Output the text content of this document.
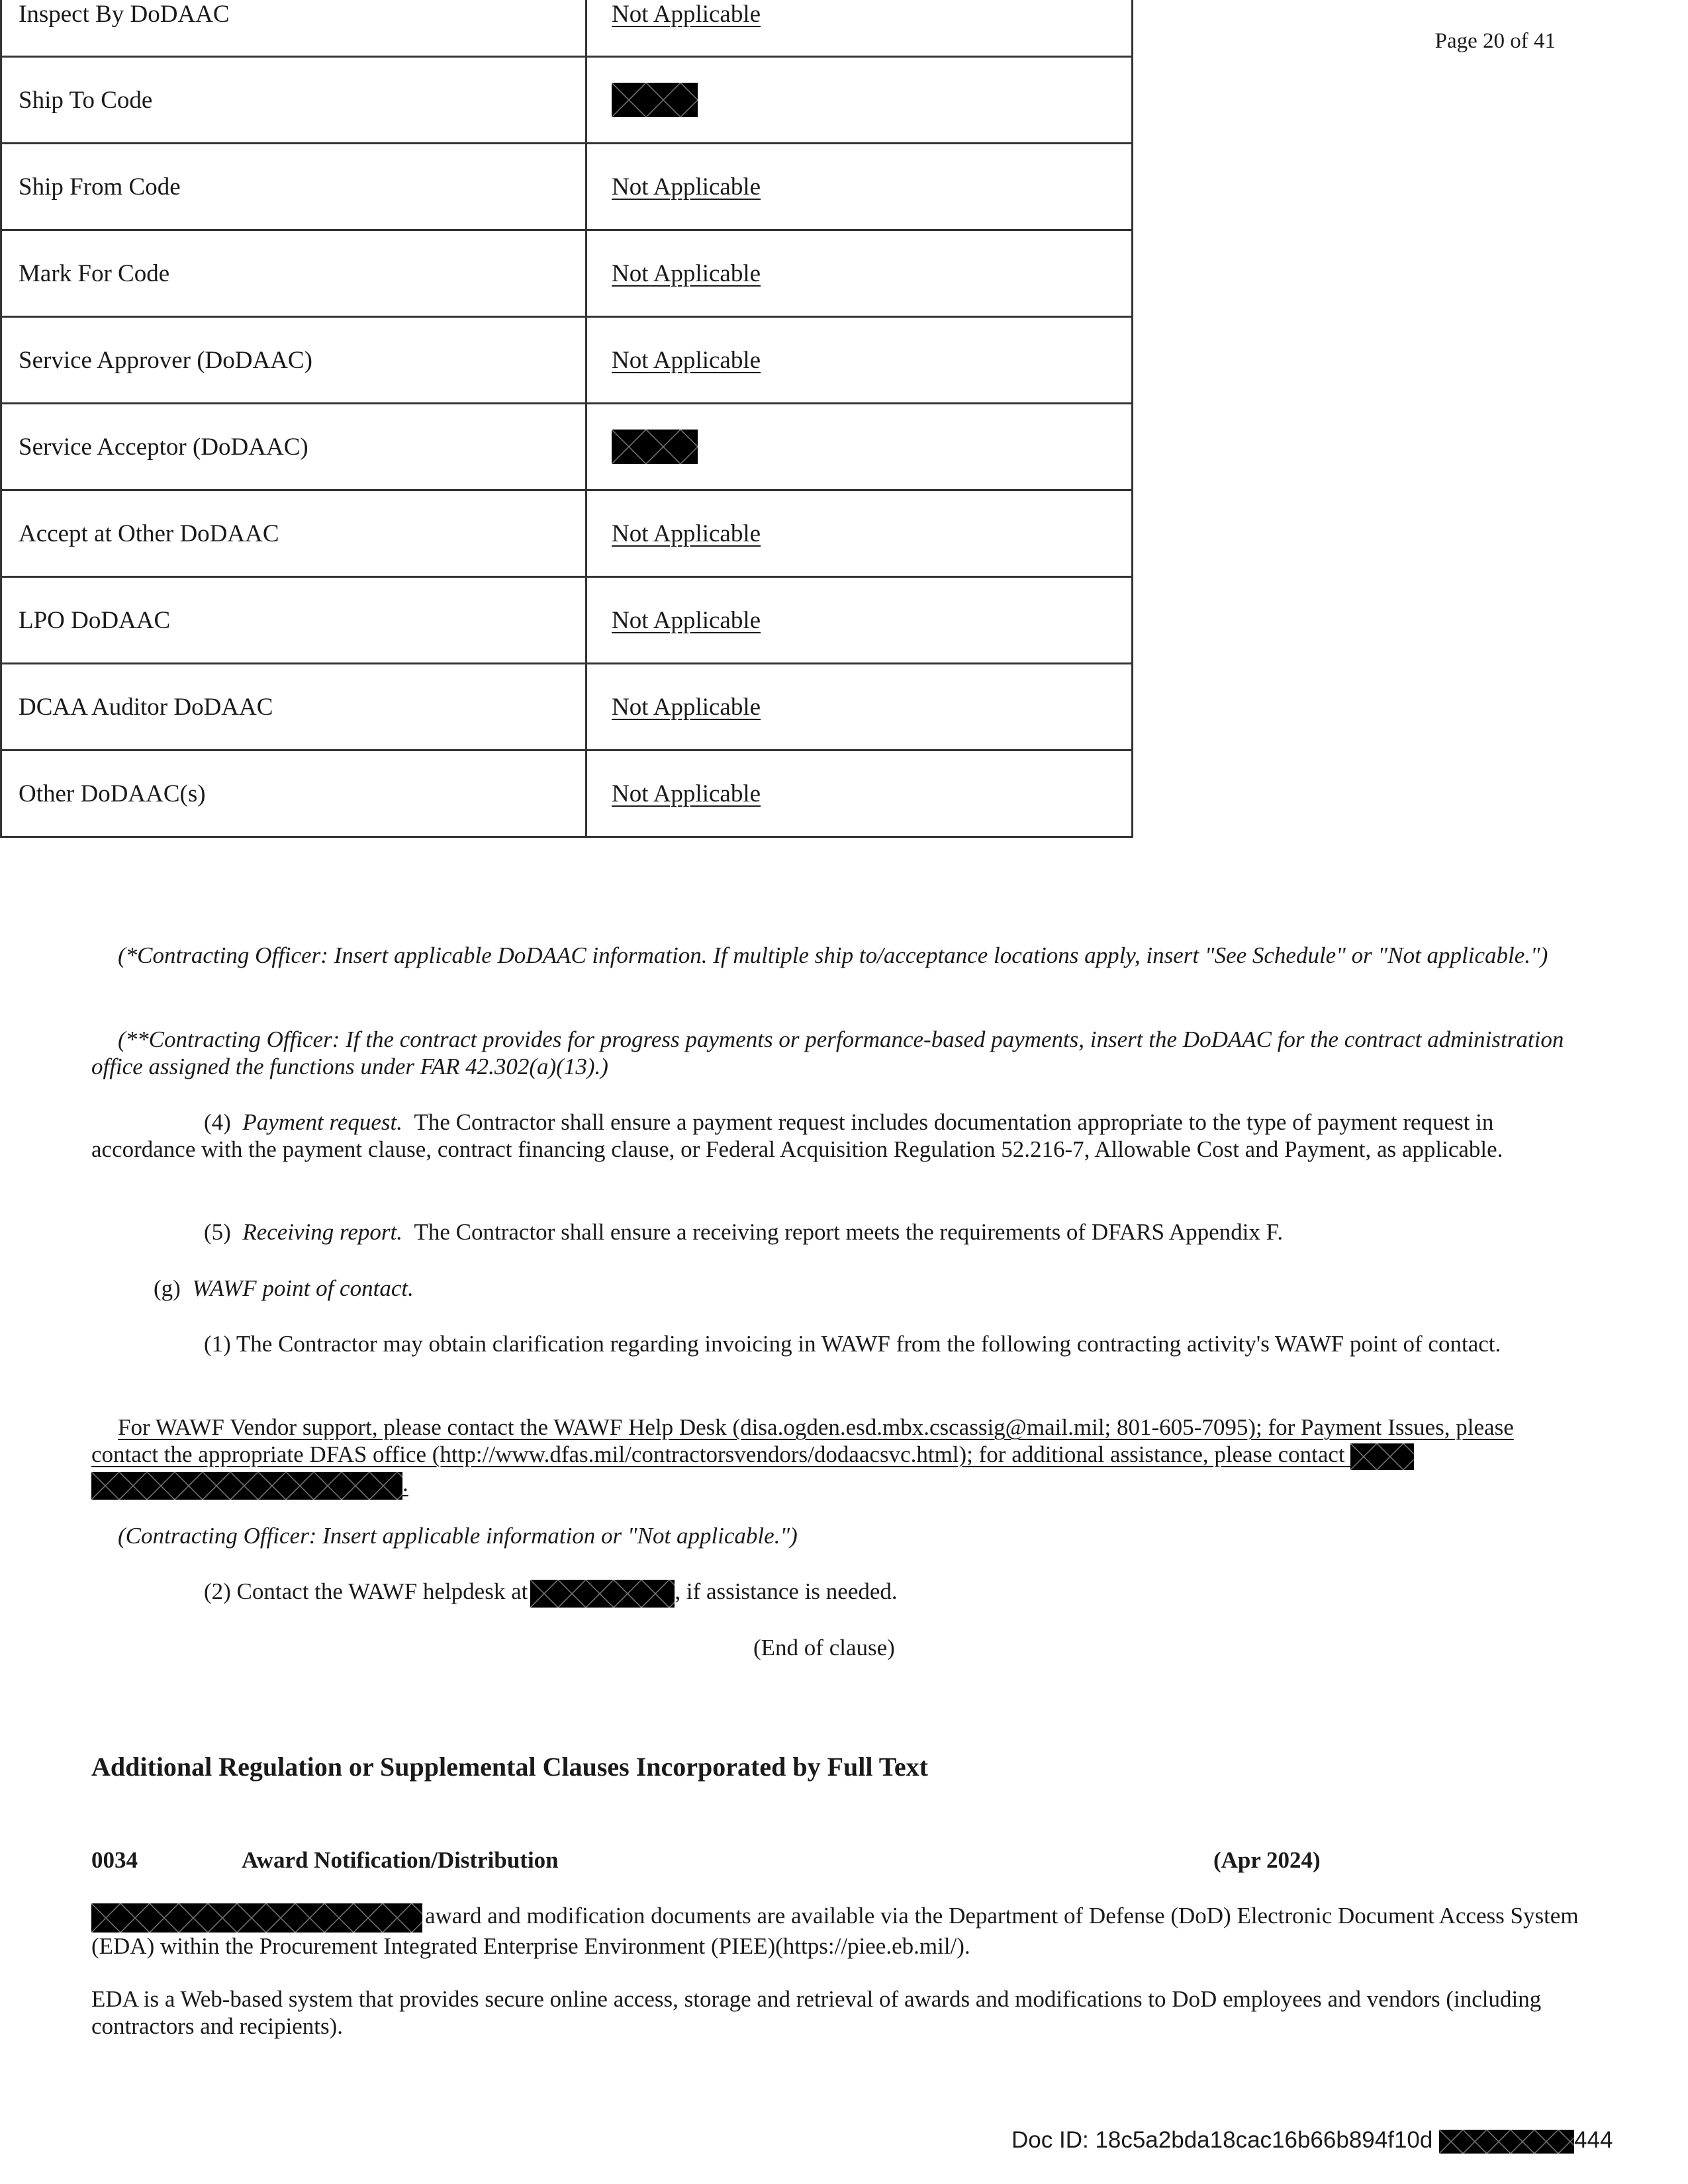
Page 20 of 41
Inspect By DoDAAC	Not Applicable
Ship To Code	

Ship From Code	Not Applicable
Mark For Code	Not Applicable
Service Approver (DoDAAC)	Not Applicable
Service Acceptor (DoDAAC)	

Accept at Other DoDAAC	Not Applicable
LPO DoDAAC	Not Applicable
DCAA Auditor DoDAAC	Not Applicable
Other DoDAAC(s)	Not Applicable
(*Contracting Officer: Insert applicable DoDAAC information. If multiple ship to/acceptance locations apply, insert "See Schedule" or "Not applicable.")
(**Contracting Officer: If the contract provides for progress payments or performance-based payments, insert the DoDAAC for the contract administration office assigned the functions under FAR 42.302(a)(13).)
(4) Payment request. The Contractor shall ensure a payment request includes documentation appropriate to the type of payment request in accordance with the payment clause, contract financing clause, or Federal Acquisition Regulation 52.216-7, Allowable Cost and Payment, as applicable.
(5) Receiving report. The Contractor shall ensure a receiving report meets the requirements of DFARS Appendix F.
(g) WAWF point of contact.
(1) The Contractor may obtain clarification regarding invoicing in WAWF from the following contracting activity's WAWF point of contact.
For WAWF Vendor support, please contact the WAWF Help Desk (disa.ogden.esd.mbx.cscassig@mail.mil; 801-605-7095); for Payment Issues, please contact the appropriate DFAS office (http://www.dfas.mil/contractorsvendors/dodaacsvc.html); for additional assistance, please contact

.
(Contracting Officer: Insert applicable information or "Not applicable.")
(2) Contact the WAWF helpdesk at	, if assistance is needed.
(End of clause)
Additional Regulation or Supplemental Clauses Incorporated by Full Text
0034	Award Notification/Distribution	(Apr 2024)
award and modification documents are available via the Department of Defense (DoD) Electronic Document Access System (EDA) within the Procurement Integrated Enterprise Environment (PIEE)(https://piee.eb.mil/).
EDA is a Web-based system that provides secure online access, storage and retrieval of awards and modifications to DoD employees and vendors (including contractors and recipients).
Doc ID: 18c5a2bda18cac16b66b894f10d	444
